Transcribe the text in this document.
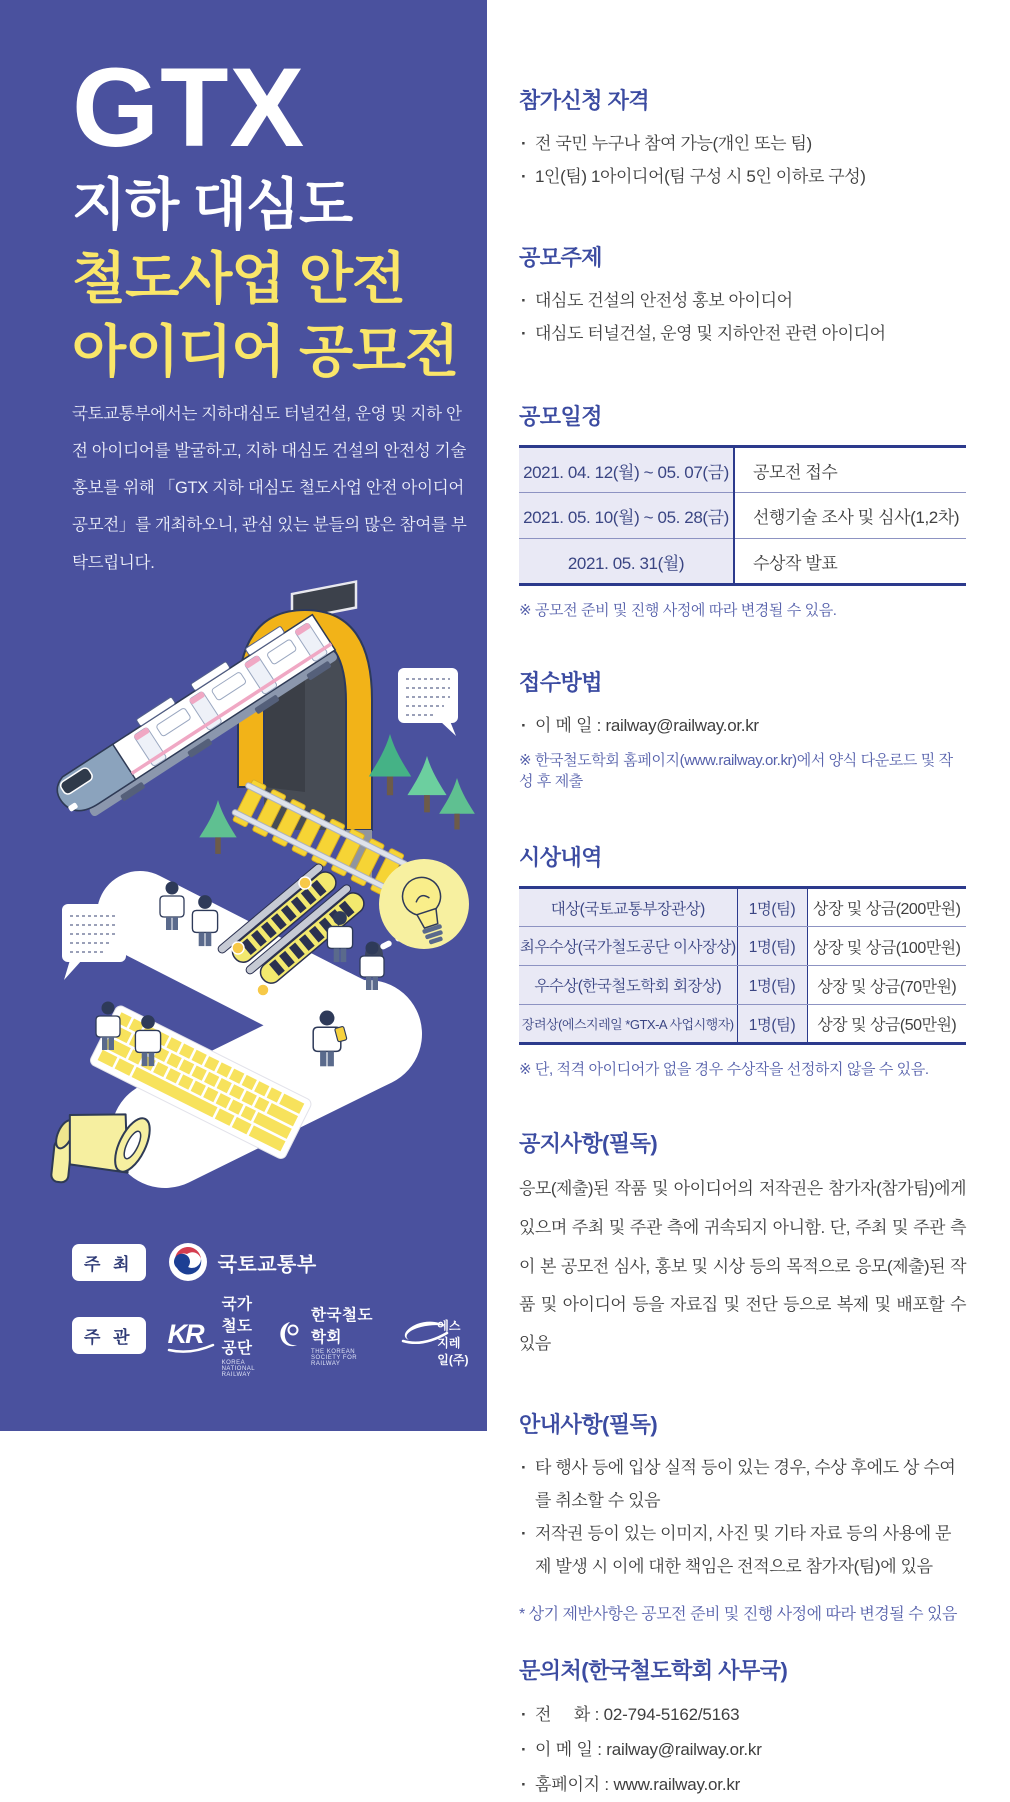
GTX
지하 대심도
철도사업 안전
아이디어 공모전
국토교통부에서는 지하대심도 터널건설, 운영 및 지하 안전 아이디어를 발굴하고, 지하 대심도 건설의 안전성 기술홍보를 위해 「GTX 지하 대심도 철도사업 안전 아이디어 공모전」를 개최하오니, 관심 있는 분들의 많은 참여를 부탁드립니다.
주 최	국토교통부
주 관	KR
국가철도공단
KOREA NATIONAL RAILWAY
한국철도학회
THE KOREAN SOCIETY FOR RAILWAY
에스지레일(주)
참가신청 자격
· 전 국민 누구나 참여 가능(개인 또는 팀)
· 1인(팀) 1아이디어(팀 구성 시 5인 이하로 구성)
공모주제
· 대심도 건설의 안전성 홍보 아이디어
· 대심도 터널건설, 운영 및 지하안전 관련 아이디어
공모일정
2021. 04. 12(월) ~ 05. 07(금)	공모전 접수
2021. 05. 10(월) ~ 05. 28(금)	선행기술 조사 및 심사(1,2차)
2021. 05. 31(월)	수상작 발표
※ 공모전 준비 및 진행 사정에 따라 변경될 수 있음.
접수방법
· 이 메 일 : railway@railway.or.kr
※ 한국철도학회 홈페이지(www.railway.or.kr)에서 양식 다운로드 및 작성 후 제출
시상내역
대상(국토교통부장관상)	1명(팀)	상장 및 상금(200만원)
최우수상(국가철도공단 이사장상)	1명(팀)	상장 및 상금(100만원)
우수상(한국철도학회 회장상)	1명(팀)	상장 및 상금(70만원)
장려상(에스지레일 *GTX-A 사업시행자)	1명(팀)	상장 및 상금(50만원)
※ 단, 적격 아이디어가 없을 경우 수상작을 선정하지 않을 수 있음.
공지사항(필독)
응모(제출)된 작품 및 아이디어의 저작권은 참가자(참가팀)에게 있으며 주최 및 주관 측에 귀속되지 아니함. 단, 주최 및 주관 측이 본 공모전 심사, 홍보 및 시상 등의 목적으로 응모(제출)된 작품 및 아이디어 등을 자료집 및 전단 등으로 복제 및 배포할 수 있음
안내사항(필독)
· 타 행사 등에 입상 실적 등이 있는 경우, 수상 후에도 상 수여를 취소할 수 있음
· 저작권 등이 있는 이미지, 사진 및 기타 자료 등의 사용에 문제 발생 시 이에 대한 책임은 전적으로 참가자(팀)에 있음
* 상기 제반사항은 공모전 준비 및 진행 사정에 따라 변경될 수 있음
문의처(한국철도학회 사무국)
· 전     화 : 02-794-5162/5163
· 이 메 일 : railway@railway.or.kr
· 홈페이지 : www.railway.or.kr
